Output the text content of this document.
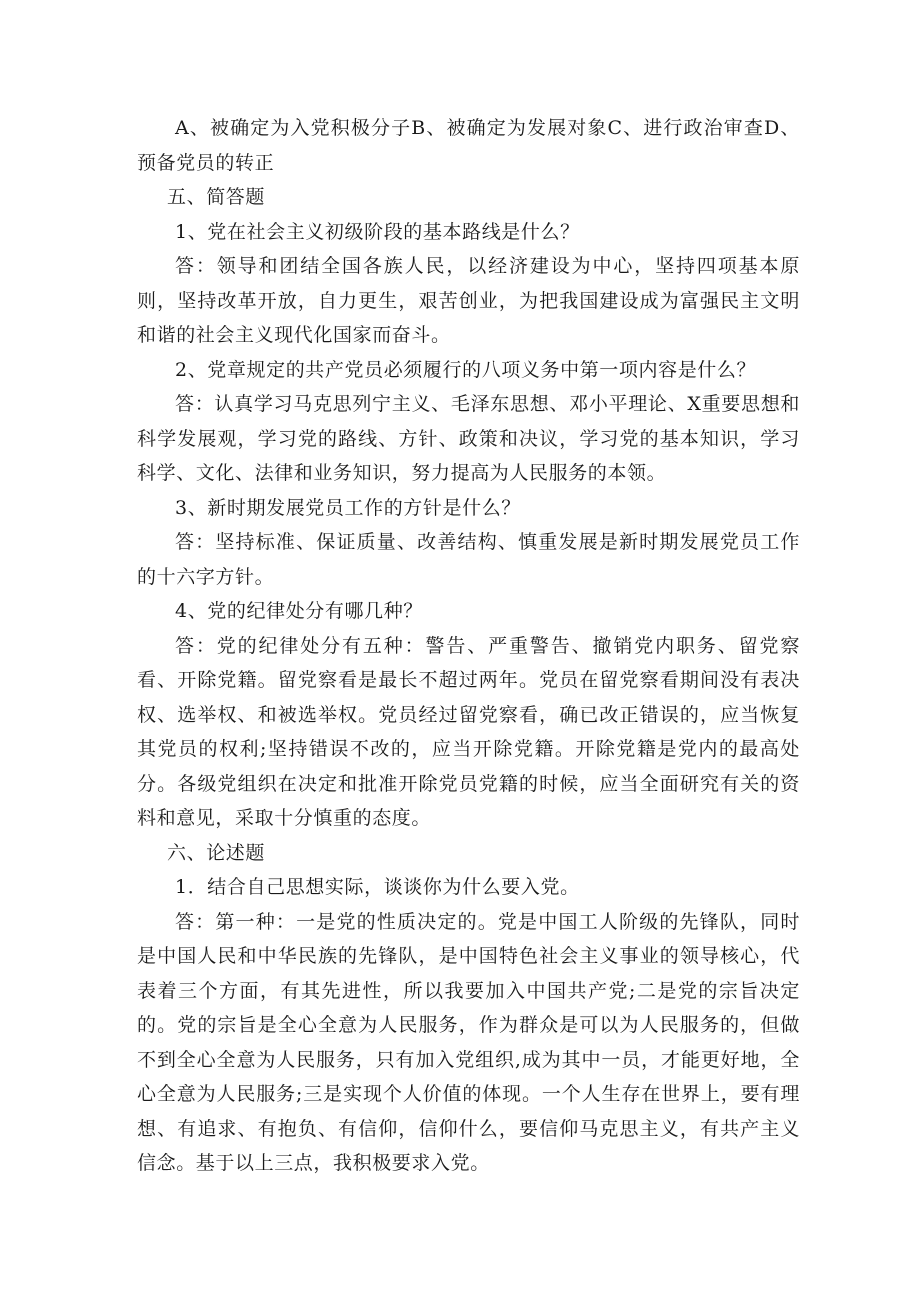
A、被确定为入党积极分子B、被确定为发展对象C、进行政治审查D、预备党员的转正

五、简答题

1、党在社会主义初级阶段的基本路线是什么？

答：领导和团结全国各族人民，以经济建设为中心，坚持四项基本原则，坚持改革开放，自力更生，艰苦创业，为把我国建设成为富强民主文明和谐的社会主义现代化国家而奋斗。

2、党章规定的共产党员必须履行的八项义务中第一项内容是什么？

答：认真学习马克思列宁主义、毛泽东思想、邓小平理论、X重要思想和科学发展观，学习党的路线、方针、政策和决议，学习党的基本知识，学习科学、文化、法律和业务知识，努力提高为人民服务的本领。

3、新时期发展党员工作的方针是什么？

答：坚持标准、保证质量、改善结构、慎重发展是新时期发展党员工作的十六字方针。

4、党的纪律处分有哪几种？

答：党的纪律处分有五种：警告、严重警告、撤销党内职务、留党察看、开除党籍。留党察看是最长不超过两年。党员在留党察看期间没有表决权、选举权、和被选举权。党员经过留党察看，确已改正错误的，应当恢复其党员的权利;坚持错误不改的，应当开除党籍。开除党籍是党内的最高处分。各级党组织在决定和批准开除党员党籍的时候，应当全面研究有关的资料和意见，采取十分慎重的态度。

六、论述题

1．结合自己思想实际，谈谈你为什么要入党。

答：第一种：一是党的性质决定的。党是中国工人阶级的先锋队，同时是中国人民和中华民族的先锋队，是中国特色社会主义事业的领导核心，代表着三个方面，有其先进性，所以我要加入中国共产党;二是党的宗旨决定的。党的宗旨是全心全意为人民服务，作为群众是可以为人民服务的，但做不到全心全意为人民服务，只有加入党组织,成为其中一员，才能更好地，全心全意为人民服务;三是实现个人价值的体现。一个人生存在世界上，要有理想、有追求、有抱负、有信仰，信仰什么，要信仰马克思主义，有共产主义信念。基于以上三点，我积极要求入党。
